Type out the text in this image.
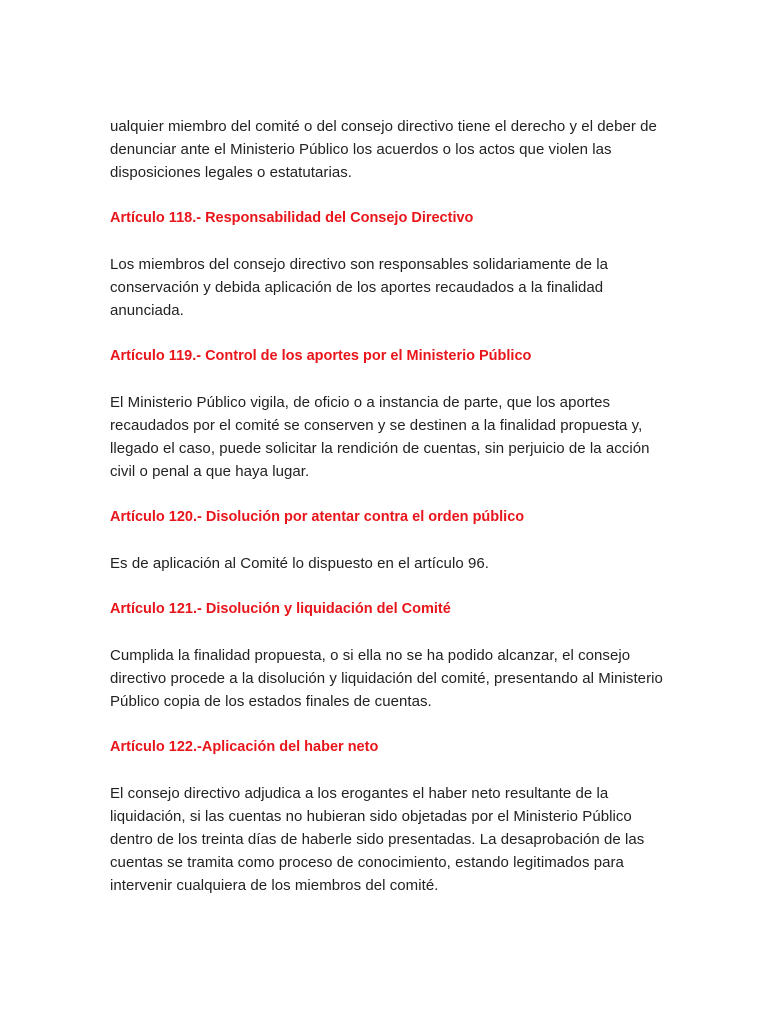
ualquier miembro del comité o del consejo directivo tiene el derecho y el deber de denunciar ante el Ministerio Público los acuerdos o los actos que violen las disposiciones legales o estatutarias.

Artículo 118.- Responsabilidad del Consejo Directivo

Los miembros del consejo directivo son responsables solidariamente de la conservación y debida aplicación de los aportes recaudados a la finalidad anunciada.

Artículo 119.- Control de los aportes por el Ministerio Público

El Ministerio Público vigila, de oficio o a instancia de parte, que los aportes recaudados por el comité se conserven y se destinen a la finalidad propuesta y, llegado el caso, puede solicitar la rendición de cuentas, sin perjuicio de la acción civil o penal a que haya lugar.

Artículo 120.- Disolución por atentar contra el orden público

Es de aplicación al Comité lo dispuesto en el artículo 96.

Artículo 121.- Disolución y liquidación del Comité

Cumplida la finalidad propuesta, o si ella no se ha podido alcanzar, el consejo directivo procede a la disolución y liquidación del comité, presentando al Ministerio Público copia de los estados finales de cuentas.

Artículo 122.-Aplicación del haber neto

El consejo directivo adjudica a los erogantes el haber neto resultante de la liquidación, si las cuentas no hubieran sido objetadas por el Ministerio Público dentro de los treinta días de haberle sido presentadas. La desaprobación de las cuentas se tramita como proceso de conocimiento, estando legitimados para intervenir cualquiera de los miembros del comité.
